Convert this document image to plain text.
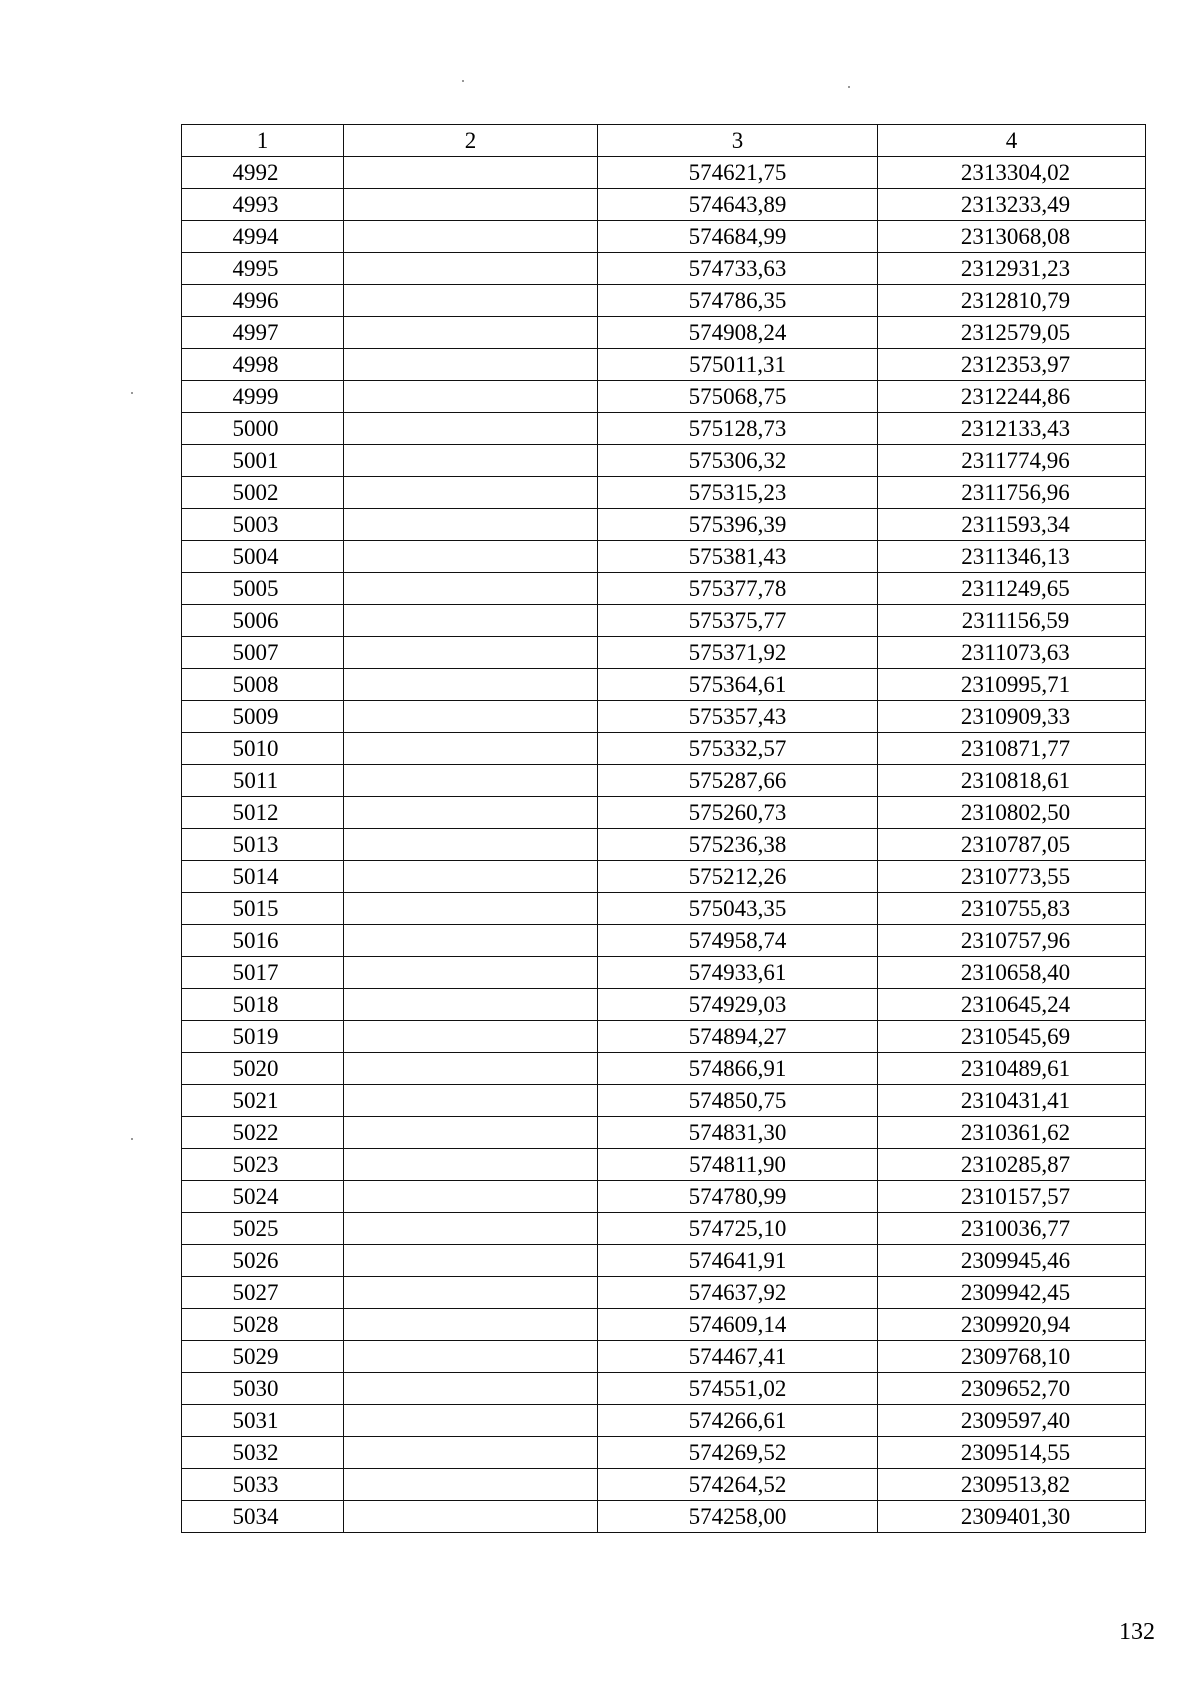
1	2	3	4
4992		574621,75	2313304,02
4993		574643,89	2313233,49
4994		574684,99	2313068,08
4995		574733,63	2312931,23
4996		574786,35	2312810,79
4997		574908,24	2312579,05
4998		575011,31	2312353,97
4999		575068,75	2312244,86
5000		575128,73	2312133,43
5001		575306,32	2311774,96
5002		575315,23	2311756,96
5003		575396,39	2311593,34
5004		575381,43	2311346,13
5005		575377,78	2311249,65
5006		575375,77	2311156,59
5007		575371,92	2311073,63
5008		575364,61	2310995,71
5009		575357,43	2310909,33
5010		575332,57	2310871,77
5011		575287,66	2310818,61
5012		575260,73	2310802,50
5013		575236,38	2310787,05
5014		575212,26	2310773,55
5015		575043,35	2310755,83
5016		574958,74	2310757,96
5017		574933,61	2310658,40
5018		574929,03	2310645,24
5019		574894,27	2310545,69
5020		574866,91	2310489,61
5021		574850,75	2310431,41
5022		574831,30	2310361,62
5023		574811,90	2310285,87
5024		574780,99	2310157,57
5025		574725,10	2310036,77
5026		574641,91	2309945,46
5027		574637,92	2309942,45
5028		574609,14	2309920,94
5029		574467,41	2309768,10
5030		574551,02	2309652,70
5031		574266,61	2309597,40
5032		574269,52	2309514,55
5033		574264,52	2309513,82
5034		574258,00	2309401,30
132
